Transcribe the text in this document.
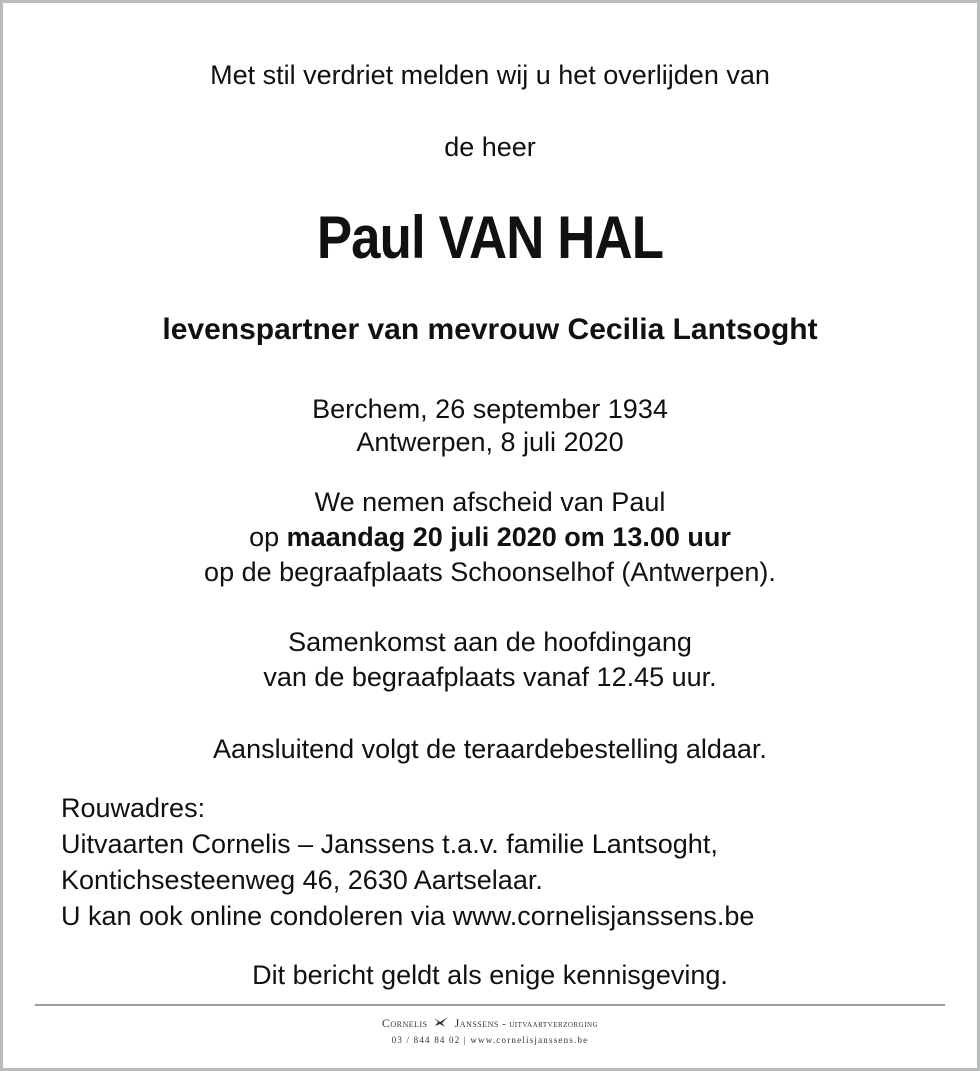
Met stil verdriet melden wij u het overlijden van
de heer
Paul VAN HAL
levenspartner van mevrouw Cecilia Lantsoght
Berchem, 26 september 1934
Antwerpen, 8 juli 2020
We nemen afscheid van Paul
op maandag 20 juli 2020 om 13.00 uur
op de begraafplaats Schoonselhof (Antwerpen).
Samenkomst aan de hoofdingang
van de begraafplaats vanaf 12.45 uur.
Aansluitend volgt de teraardebestelling aldaar.
Rouwadres:
Uitvaarten Cornelis – Janssens t.a.v. familie Lantsoght,
Kontichsesteenweg 46, 2630 Aartselaar.
U kan ook online condoleren via www.cornelisjanssens.be
Dit bericht geldt als enige kennisgeving.
Cornelis Janssens - uitvaartverzorging
03 / 844 84 02 | www.cornelisjanssens.be
